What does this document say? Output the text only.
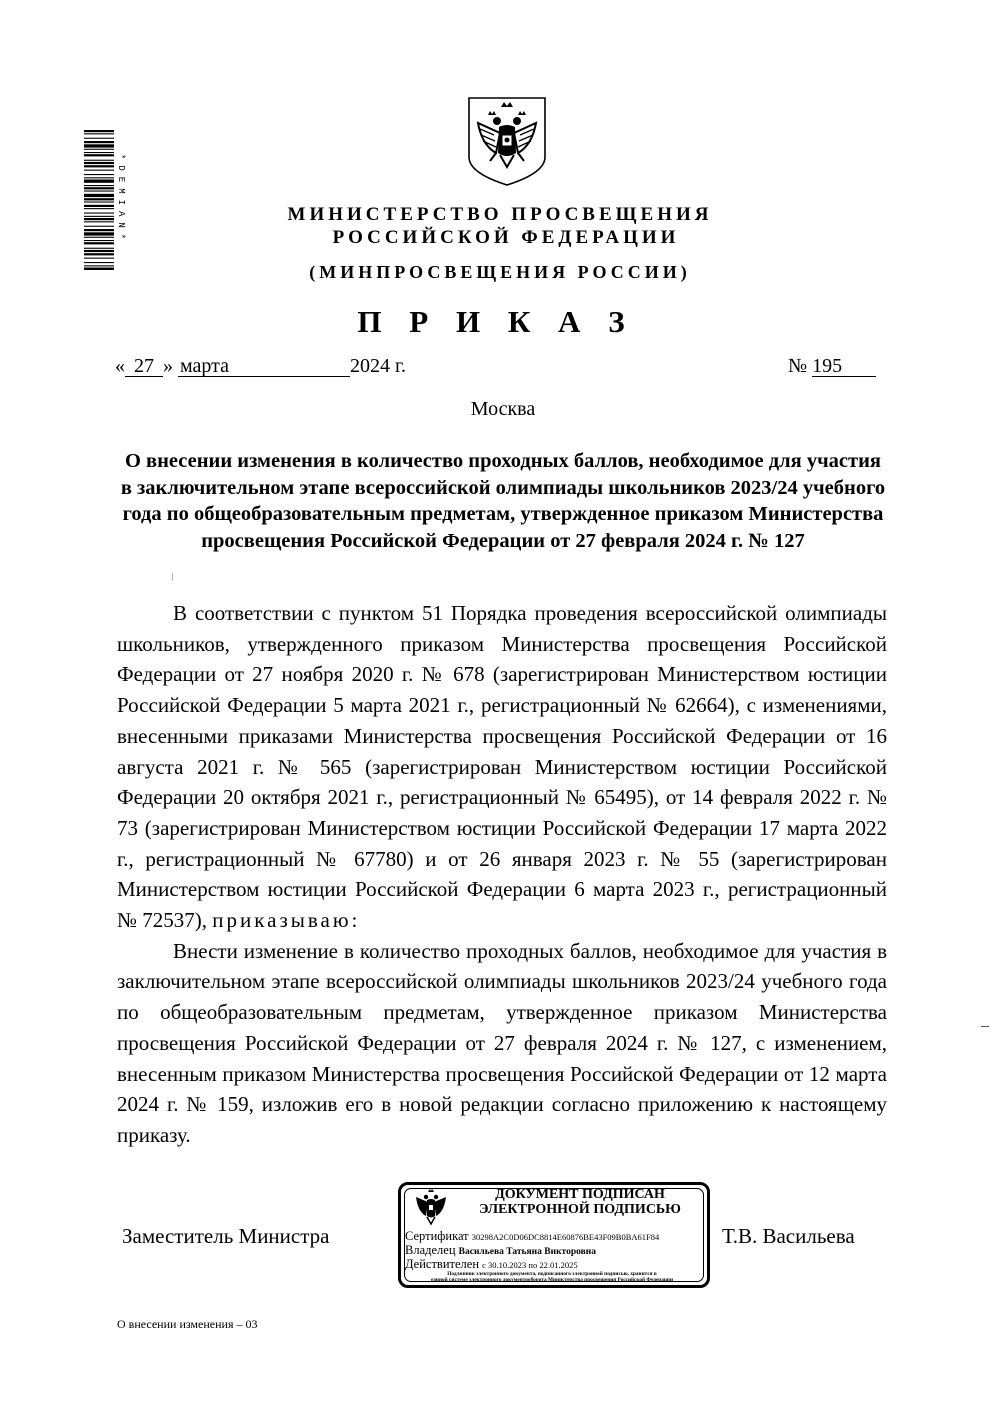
*DEMIAN*	МИНИСТЕРСТВО ПРОСВЕЩЕНИЯ
РОССИЙСКОЙ ФЕДЕРАЦИИ
(МИНПРОСВЕЩЕНИЯ РОССИИ)
П Р И К А З
« 27 » марта	2024 г.	№ 195
Москва
О внесении изменения в количество проходных баллов, необходимое для участия в заключительном этапе всероссийской олимпиады школьников 2023/24 учебного года по общеобразовательным предметам, утвержденное приказом Министерства просвещения Российской Федерации от 27 февраля 2024 г. № 127

В соответствии с пунктом 51 Порядка проведения всероссийской олимпиады школьников, утвержденного приказом Министерства просвещения Российской Федерации от 27 ноября 2020 г. № 678 (зарегистрирован Министерством юстиции Российской Федерации 5 марта 2021 г., регистрационный № 62664), с изменениями, внесенными приказами Министерства просвещения Российской Федерации от 16 августа 2021 г. № 565 (зарегистрирован Министерством юстиции Российской Федерации 20 октября 2021 г., регистрационный № 65495), от 14 февраля 2022 г. № 73 (зарегистрирован Министерством юстиции Российской Федерации 17 марта 2022 г., регистрационный № 67780) и от 26 января 2023 г. № 55 (зарегистрирован Министерством юстиции Российской Федерации 6 марта 2023 г., регистрационный № 72537), приказываю:

Внести изменение в количество проходных баллов, необходимое для участия в заключительном этапе всероссийской олимпиады школьников 2023/24 учебного года по общеобразовательным предметам, утвержденное приказом Министерства просвещения Российской Федерации от 27 февраля 2024 г. № 127, с изменением, внесенным приказом Министерства просвещения Российской Федерации от 12 марта 2024 г. № 159, изложив его в новой редакции согласно приложению к настоящему приказу.

Заместитель Министра
ДОКУМЕНТ ПОДПИСАН
ЭЛЕКТРОННОЙ ПОДПИСЬЮ
Сертификат 30298A2C0D06DC8814E60876BE43F09B0BA61F84
Владелец Васильева Татьяна Викторовна
Действителен с 30.10.2023 по 22.01.2025
Подлинник электронного документа, подписанного электронной подписью, хранится в
единой системе электронного документооборота Министерства просвещения Российской Федерации
Т.В. Васильева
О внесении изменения – 03
